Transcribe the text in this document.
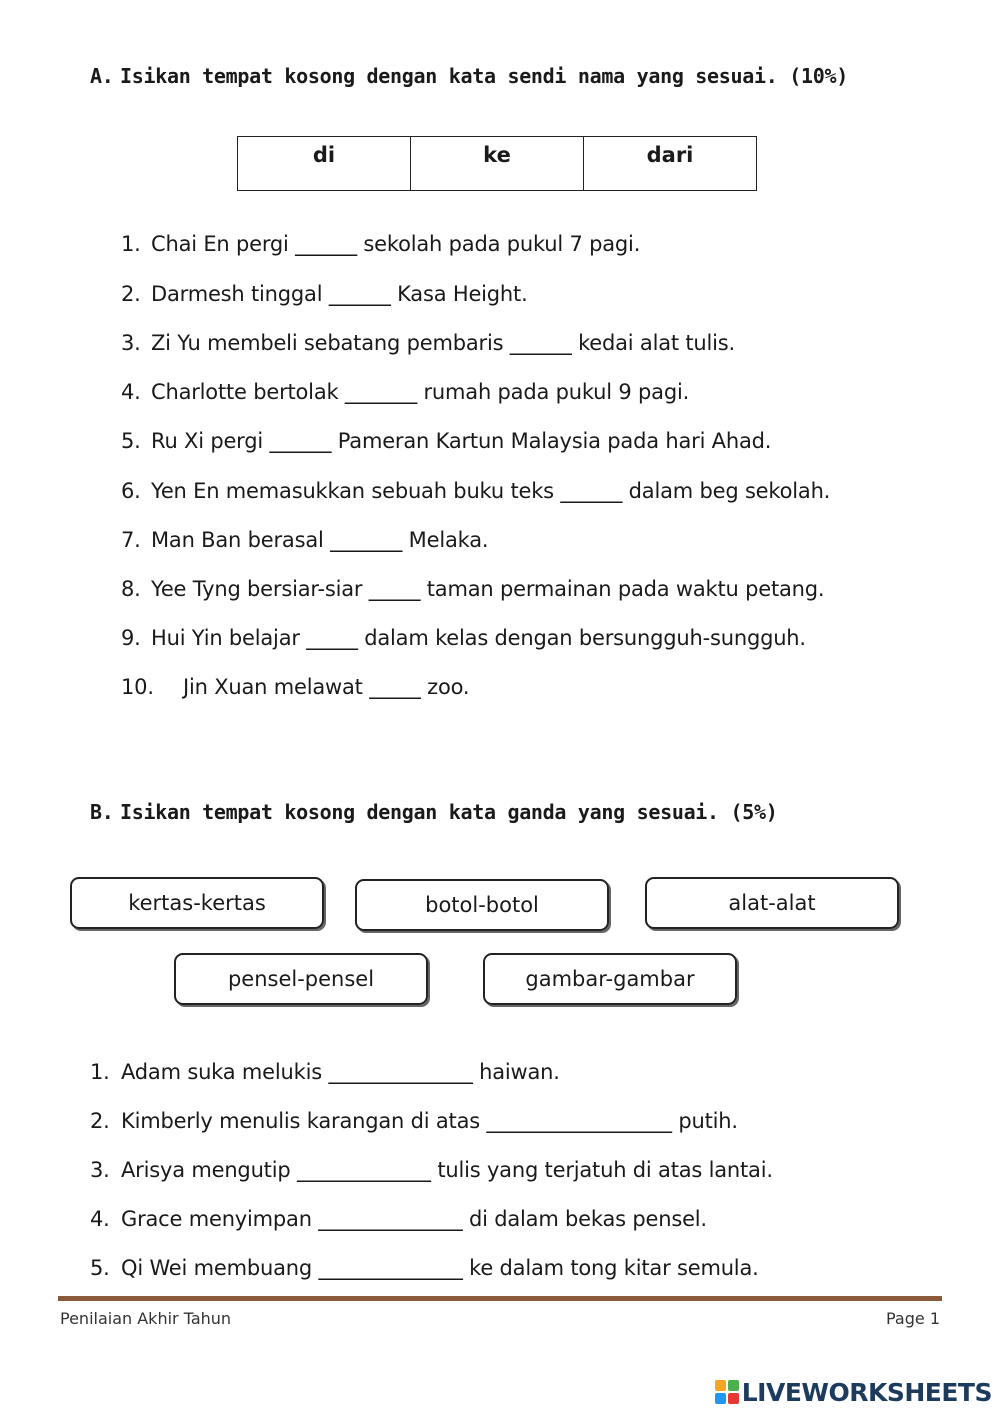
A. Isikan tempat kosong dengan kata sendi nama yang sesuai. (10%)
di	ke	dari
1. Chai En pergi ______ sekolah pada pukul 7 pagi.
2. Darmesh tinggal ______ Kasa Height.
3. Zi Yu membeli sebatang pembaris ______ kedai alat tulis.
4. Charlotte bertolak _______ rumah pada pukul 9 pagi.
5. Ru Xi pergi ______ Pameran Kartun Malaysia pada hari Ahad.
6. Yen En memasukkan sebuah buku teks ______ dalam beg sekolah.
7. Man Ban berasal _______ Melaka.
8. Yee Tyng bersiar-siar _____ taman permainan pada waktu petang.
9. Hui Yin belajar _____ dalam kelas dengan bersungguh-sungguh.
10. Jin Xuan melawat _____ zoo.
B. Isikan tempat kosong dengan kata ganda yang sesuai. (5%)
kertas-kertas	botol-botol	alat-alat
pensel-pensel	gambar-gambar
1. Adam suka melukis ______________ haiwan.
2. Kimberly menulis karangan di atas __________________ putih.
3. Arisya mengutip _____________ tulis yang terjatuh di atas lantai.
4. Grace menyimpan ______________ di dalam bekas pensel.
5. Qi Wei membuang ______________ ke dalam tong kitar semula.
Penilaian Akhir Tahun	Page 1
LIVEWORKSHEETS
